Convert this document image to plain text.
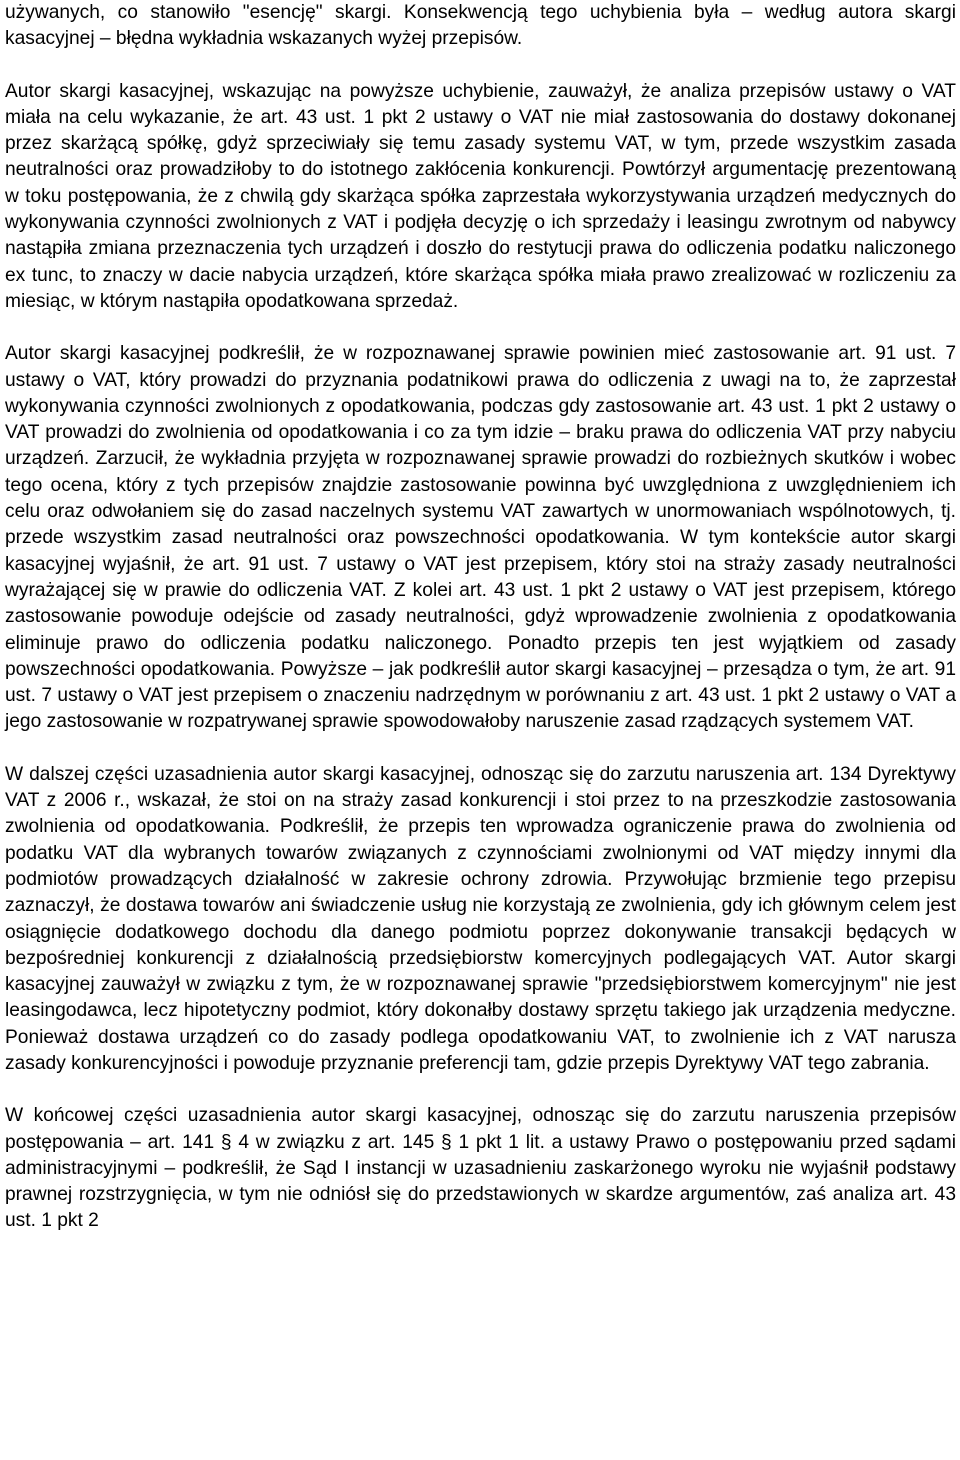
używanych, co stanowiło "esencję" skargi. Konsekwencją tego uchybienia była – według autora skargi kasacyjnej – błędna wykładnia wskazanych wyżej przepisów.

Autor skargi kasacyjnej, wskazując na powyższe uchybienie, zauważył, że analiza przepisów ustawy o VAT miała na celu wykazanie, że art. 43 ust. 1 pkt 2 ustawy o VAT nie miał zastosowania do dostawy dokonanej przez skarżącą spółkę, gdyż sprzeciwiały się temu zasady systemu VAT, w tym, przede wszystkim zasada neutralności oraz prowadziłoby to do istotnego zakłócenia konkurencji. Powtórzył argumentację prezentowaną w toku postępowania, że z chwilą gdy skarżąca spółka zaprzestała wykorzystywania urządzeń medycznych do wykonywania czynności zwolnionych z VAT i podjęła decyzję o ich sprzedaży i leasingu zwrotnym od nabywcy nastąpiła zmiana przeznaczenia tych urządzeń i doszło do restytucji prawa do odliczenia podatku naliczonego ex tunc, to znaczy w dacie nabycia urządzeń, które skarżąca spółka miała prawo zrealizować w rozliczeniu za miesiąc, w którym nastąpiła opodatkowana sprzedaż.

Autor skargi kasacyjnej podkreślił, że w rozpoznawanej sprawie powinien mieć zastosowanie art. 91 ust. 7 ustawy o VAT, który prowadzi do przyznania podatnikowi prawa do odliczenia z uwagi na to, że zaprzestał wykonywania czynności zwolnionych z opodatkowania, podczas gdy zastosowanie art. 43 ust. 1 pkt 2 ustawy o VAT prowadzi do zwolnienia od opodatkowania i co za tym idzie – braku prawa do odliczenia VAT przy nabyciu urządzeń. Zarzucił, że wykładnia przyjęta w rozpoznawanej sprawie prowadzi do rozbieżnych skutków i wobec tego ocena, który z tych przepisów znajdzie zastosowanie powinna być uwzględniona z uwzględnieniem ich celu oraz odwołaniem się do zasad naczelnych systemu VAT zawartych w unormowaniach wspólnotowych, tj. przede wszystkim zasad neutralności oraz powszechności opodatkowania. W tym kontekście autor skargi kasacyjnej wyjaśnił, że art. 91 ust. 7 ustawy o VAT jest przepisem, który stoi na straży zasady neutralności wyrażającej się w prawie do odliczenia VAT. Z kolei art. 43 ust. 1 pkt 2 ustawy o VAT jest przepisem, którego zastosowanie powoduje odejście od zasady neutralności, gdyż wprowadzenie zwolnienia z opodatkowania eliminuje prawo do odliczenia podatku naliczonego. Ponadto przepis ten jest wyjątkiem od zasady powszechności opodatkowania. Powyższe – jak podkreślił autor skargi kasacyjnej – przesądza o tym, że art. 91 ust. 7 ustawy o VAT jest przepisem o znaczeniu nadrzędnym w porównaniu z art. 43 ust. 1 pkt 2 ustawy o VAT a jego zastosowanie w rozpatrywanej sprawie spowodowałoby naruszenie zasad rządzących systemem VAT.

W dalszej części uzasadnienia autor skargi kasacyjnej, odnosząc się do zarzutu naruszenia art. 134 Dyrektywy VAT z 2006 r., wskazał, że stoi on na straży zasad konkurencji i stoi przez to na przeszkodzie zastosowania zwolnienia od opodatkowania. Podkreślił, że przepis ten wprowadza ograniczenie prawa do zwolnienia od podatku VAT dla wybranych towarów związanych z czynnościami zwolnionymi od VAT między innymi dla podmiotów prowadzących działalność w zakresie ochrony zdrowia. Przywołując brzmienie tego przepisu zaznaczył, że dostawa towarów ani świadczenie usług nie korzystają ze zwolnienia, gdy ich głównym celem jest osiągnięcie dodatkowego dochodu dla danego podmiotu poprzez dokonywanie transakcji będących w bezpośredniej konkurencji z działalnością przedsiębiorstw komercyjnych podlegających VAT. Autor skargi kasacyjnej zauważył w związku z tym, że w rozpoznawanej sprawie "przedsiębiorstwem komercyjnym" nie jest leasingodawca, lecz hipotetyczny podmiot, który dokonałby dostawy sprzętu takiego jak urządzenia medyczne. Ponieważ dostawa urządzeń co do zasady podlega opodatkowaniu VAT, to zwolnienie ich z VAT narusza zasady konkurencyjności i powoduje przyznanie preferencji tam, gdzie przepis Dyrektywy VAT tego zabrania.

W końcowej części uzasadnienia autor skargi kasacyjnej, odnosząc się do zarzutu naruszenia przepisów postępowania – art. 141 § 4 w związku z art. 145 § 1 pkt 1 lit. a ustawy Prawo o postępowaniu przed sądami administracyjnymi – podkreślił, że Sąd I instancji w uzasadnieniu zaskarżonego wyroku nie wyjaśnił podstawy prawnej rozstrzygnięcia, w tym nie odniósł się do przedstawionych w skardze argumentów, zaś analiza art. 43 ust. 1 pkt 2
